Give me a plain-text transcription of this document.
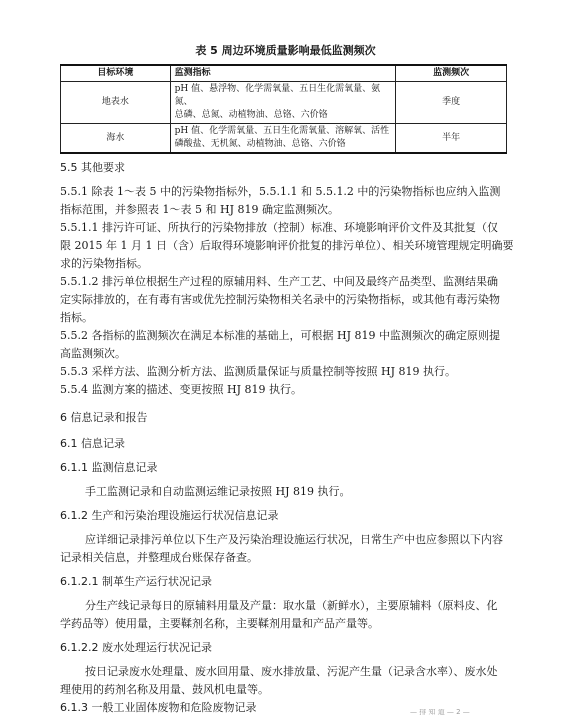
表 5 周边环境质量影响最低监测频次
目标环境	监测指标	监测频次
地表水	pH 值、悬浮物、化学需氧量、五日生化需氧量、氨氮、
总磷、总氮、动植物油、总铬、六价铬	季度
海水	pH 值、化学需氧量、五日生化需氧量、溶解氧、活性
磷酸盐、无机氮、动植物油、总铬、六价铬	半年
5.5 其他要求
5.5.1 除表 1～表 5 中的污染物指标外，5.5.1.1 和 5.5.1.2 中的污染物指标也应纳入监测
指标范围，并参照表 1～表 5 和 HJ 819 确定监测频次。
5.5.1.1 排污许可证、所执行的污染物排放（控制）标准、环境影响评价文件及其批复（仅
限 2015 年 1 月 1 日（含）后取得环境影响评价批复的排污单位）、相关环境管理规定明确要
求的污染物指标。
5.5.1.2 排污单位根据生产过程的原辅用料、生产工艺、中间及最终产品类型、监测结果确
定实际排放的，在有毒有害或优先控制污染物相关名录中的污染物指标，或其他有毒污染物
指标。
5.5.2 各指标的监测频次在满足本标准的基础上，可根据 HJ 819 中监测频次的确定原则提
高监测频次。
5.5.3 采样方法、监测分析方法、监测质量保证与质量控制等按照 HJ 819 执行。
5.5.4 监测方案的描述、变更按照 HJ 819 执行。
6 信息记录和报告
6.1 信息记录
6.1.1 监测信息记录
手工监测记录和自动监测运维记录按照 HJ 819 执行。
6.1.2 生产和污染治理设施运行状况信息记录
应详细记录排污单位以下生产及污染治理设施运行状况，日常生产中也应参照以下内容
记录相关信息，并整理成台账保存备查。
6.1.2.1 制革生产运行状况记录
分生产线记录每日的原辅料用量及产量：取水量（新鲜水），主要原辅料（原料皮、化
学药品等）使用量，主要鞣剂名称，主要鞣剂用量和产品产量等。
6.1.2.2 废水处理运行状况记录
按日记录废水处理量、废水回用量、废水排放量、污泥产生量（记录含水率）、废水处
理使用的药剂名称及用量、鼓风机电量等。
6.1.3 一般工业固体废物和危险废物记录	— 排 知 道 — 2 —
